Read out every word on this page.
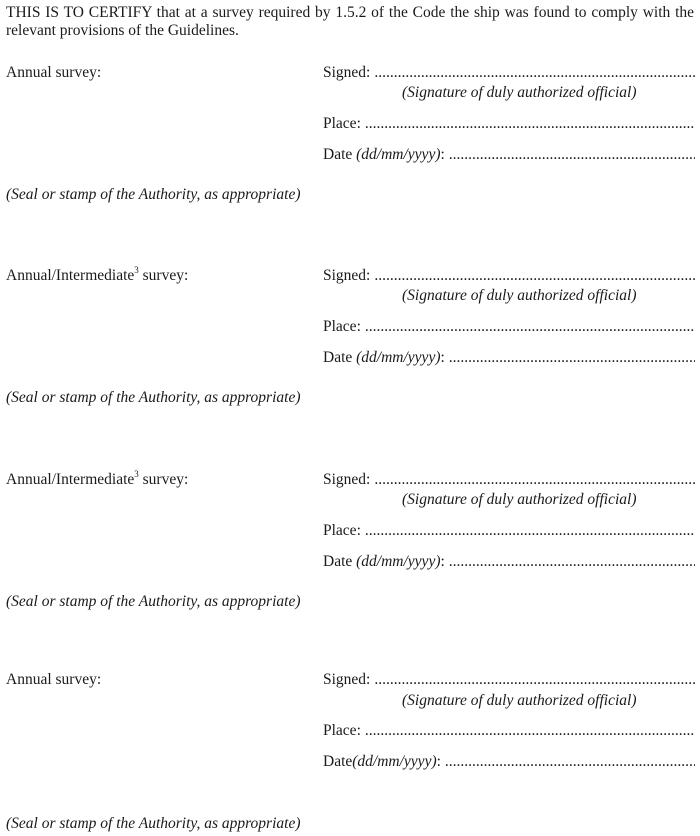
THIS IS TO CERTIFY that at a survey required by 1.5.2 of the Code the ship was found to comply with the relevant provisions of the Guidelines.

Annual survey:	Signed:
.....
(Signature of duly authorized official)
Place:
.....
Date (dd/mm/yyyy):
.....
(Seal or stamp of the Authority, as appropriate)
Annual/Intermediate$^3$ survey:	Signed:
.....
(Signature of duly authorized official)
Place:
.....
Date (dd/mm/yyyy):
.....
(Seal or stamp of the Authority, as appropriate)
Annual/Intermediate$^3$ survey:	Signed:
.....
(Signature of duly authorized official)
Place:
.....
Date (dd/mm/yyyy):
.....
(Seal or stamp of the Authority, as appropriate)
Annual survey:	Signed:
.....
(Signature of duly authorized official)
Place:
.....
Date(dd/mm/yyyy):
.....
(Seal or stamp of the Authority, as appropriate)
